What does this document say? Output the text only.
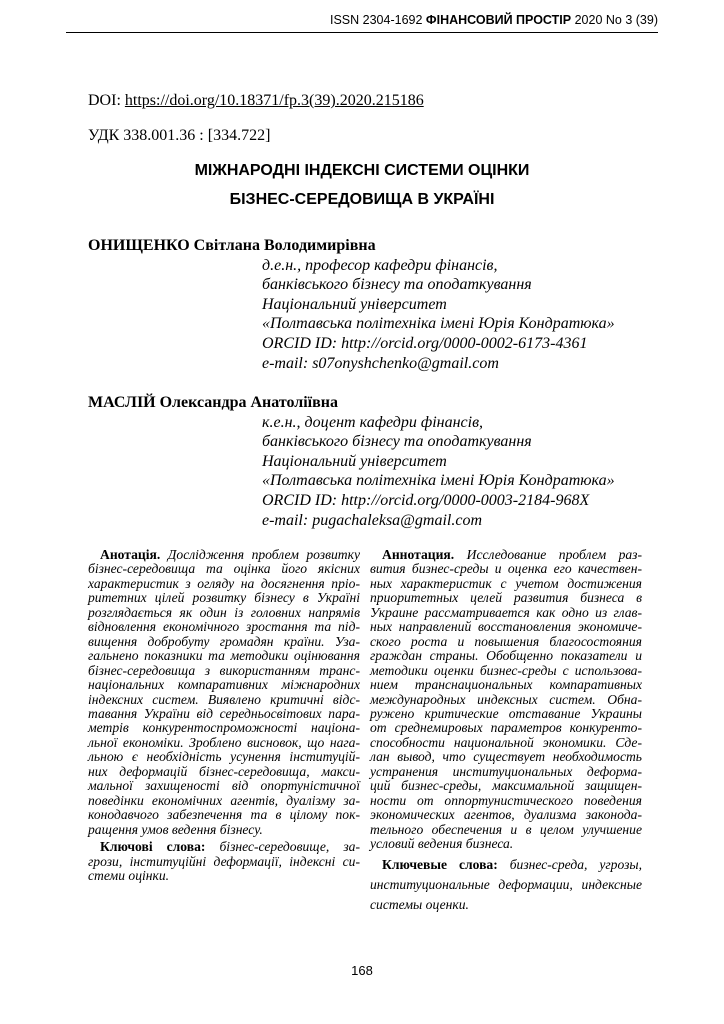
ISSN 2304-1692 ФІНАНСОВИЙ ПРОСТІР 2020 No 3 (39)
DOI: https://doi.org/10.18371/fp.3(39).2020.215186
УДК 338.001.36 : [334.722]
МІЖНАРОДНІ ІНДЕКСНІ СИСТЕМИ ОЦІНКИ
БІЗНЕС-СЕРЕДОВИЩА В УКРАЇНІ
ОНИЩЕНКО Світлана Володимирівна
д.е.н., професор кафедри фінансів,
банківського бізнесу та оподаткування
Національний університет
«Полтавська політехніка імені Юрія Кондратюка»
ORCID ID: http://orcid.org/0000-0002-6173-4361
e-mail: s07onyshchenko@gmail.com
МАСЛІЙ Олександра Анатоліївна
к.е.н., доцент кафедри фінансів,
банківського бізнесу та оподаткування
Національний університет
«Полтавська політехніка імені Юрія Кондратюка»
ORCID ID: http://orcid.org/0000-0003-2184-968X
e-mail: pugachaleksa@gmail.com
Анотація. Дослідження проблем розвитку
бізнес-середовища та оцінка його якісних
характеристик з огляду на досягнення пріо-
ритетних цілей розвитку бізнесу в Україні
розглядається як один із головних напрямів
відновлення економічного зростання та під-
вищення добробуту громадян країни. Уза-
гальнено показники та методики оцінювання
бізнес-середовища з використанням транс-
національних компаративних міжнародних
індексних систем. Виявлено критичні відс-
тавання України від середньосвітових пара-
метрів конкурентоспроможності націона-
льної економіки. Зроблено висновок, що нага-
льною є необхідність усунення інституцій-
них деформацій бізнес-середовища, макси-
мальної захищеності від опортуністичної
поведінки економічних агентів, дуалізму за-
конодавчого забезпечення та в цілому пок-
ращення умов ведення бізнесу.
Ключові слова: бізнес-середовище, за-
грози, інституційні деформації, індексні си-
стеми оцінки.
Аннотация. Исследование проблем раз-
вития бизнес-среды и оценка его качествен-
ных характеристик с учетом достижения
приоритетных целей развития бизнеса в
Украине рассматривается как одно из глав-
ных направлений восстановления экономиче-
ского роста и повышения благосостояния
граждан страны. Обобщенно показатели и
методики оценки бизнес-среды с использова-
нием транснациональных компаративных
международных индексных систем. Обна-
ружено критические отставание Украины
от среднемировых параметров конкуренто-
способности национальной экономики. Сде-
лан вывод, что существует необходимость
устранения институциональных деформа-
ций бизнес-среды, максимальной защищен-
ности от оппортунистического поведения
экономических агентов, дуализма законода-
тельного обеспечения и в целом улучшение
условий ведения бизнеса.
Ключевые слова: бизнес-среда, угрозы,
институциональные деформации, индексные
системы оценки.
168
